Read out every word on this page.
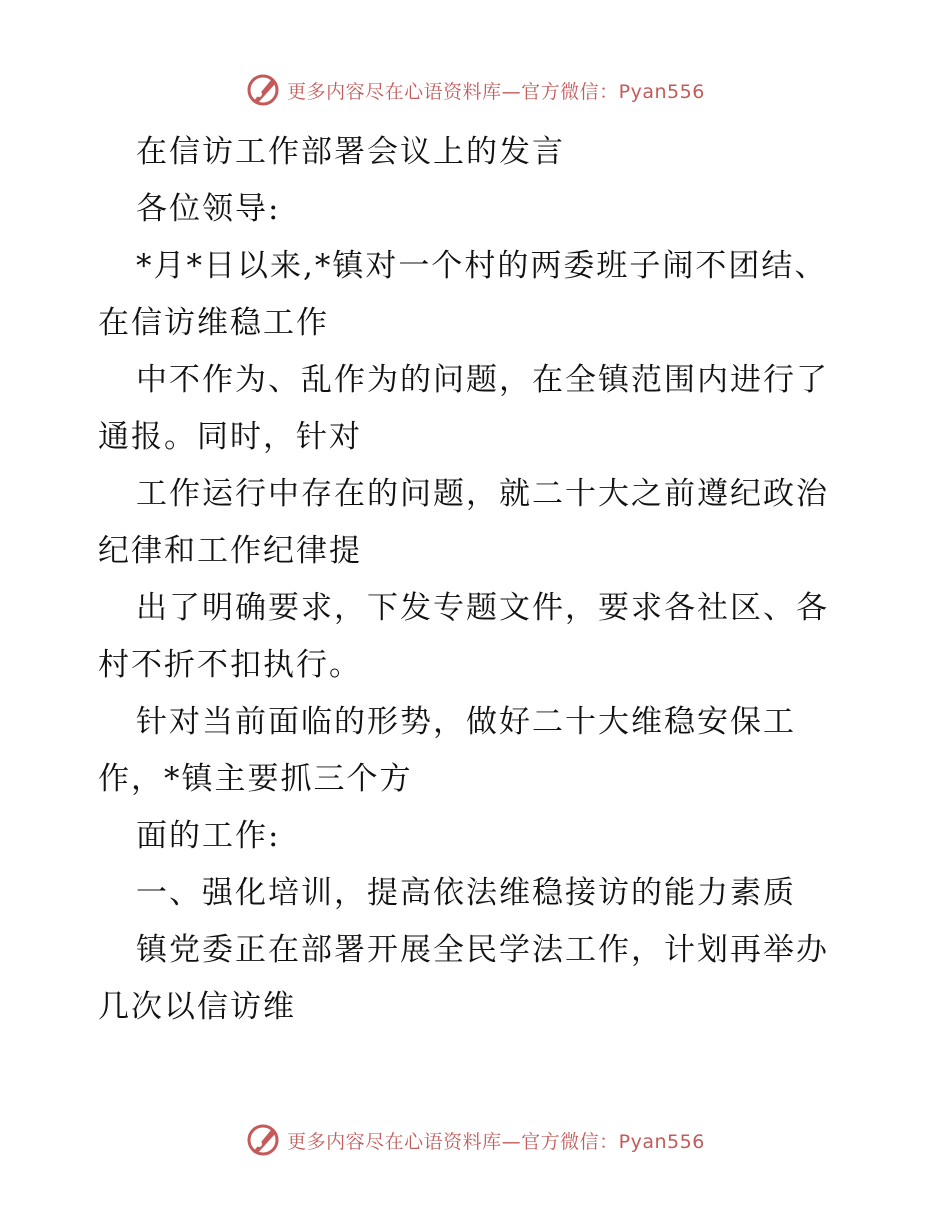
更多内容尽在心语资料库—官方微信：Pyan556
在信访工作部署会议上的发言
各位领导:
*月*日以来,*镇对一个村的两委班子闹不团结、
在信访维稳工作
中不作为、乱作为的问题，在全镇范围内进行了
通报。同时，针对
工作运行中存在的问题，就二十大之前遵纪政治
纪律和工作纪律提
出了明确要求，下发专题文件，要求各社区、各
村不折不扣执行。
针对当前面临的形势，做好二十大维稳安保工
作，*镇主要抓三个方
面的工作:
一、强化培训，提高依法维稳接访的能力素质
镇党委正在部署开展全民学法工作，计划再举办
几次以信访维
更多内容尽在心语资料库—官方微信：Pyan556
